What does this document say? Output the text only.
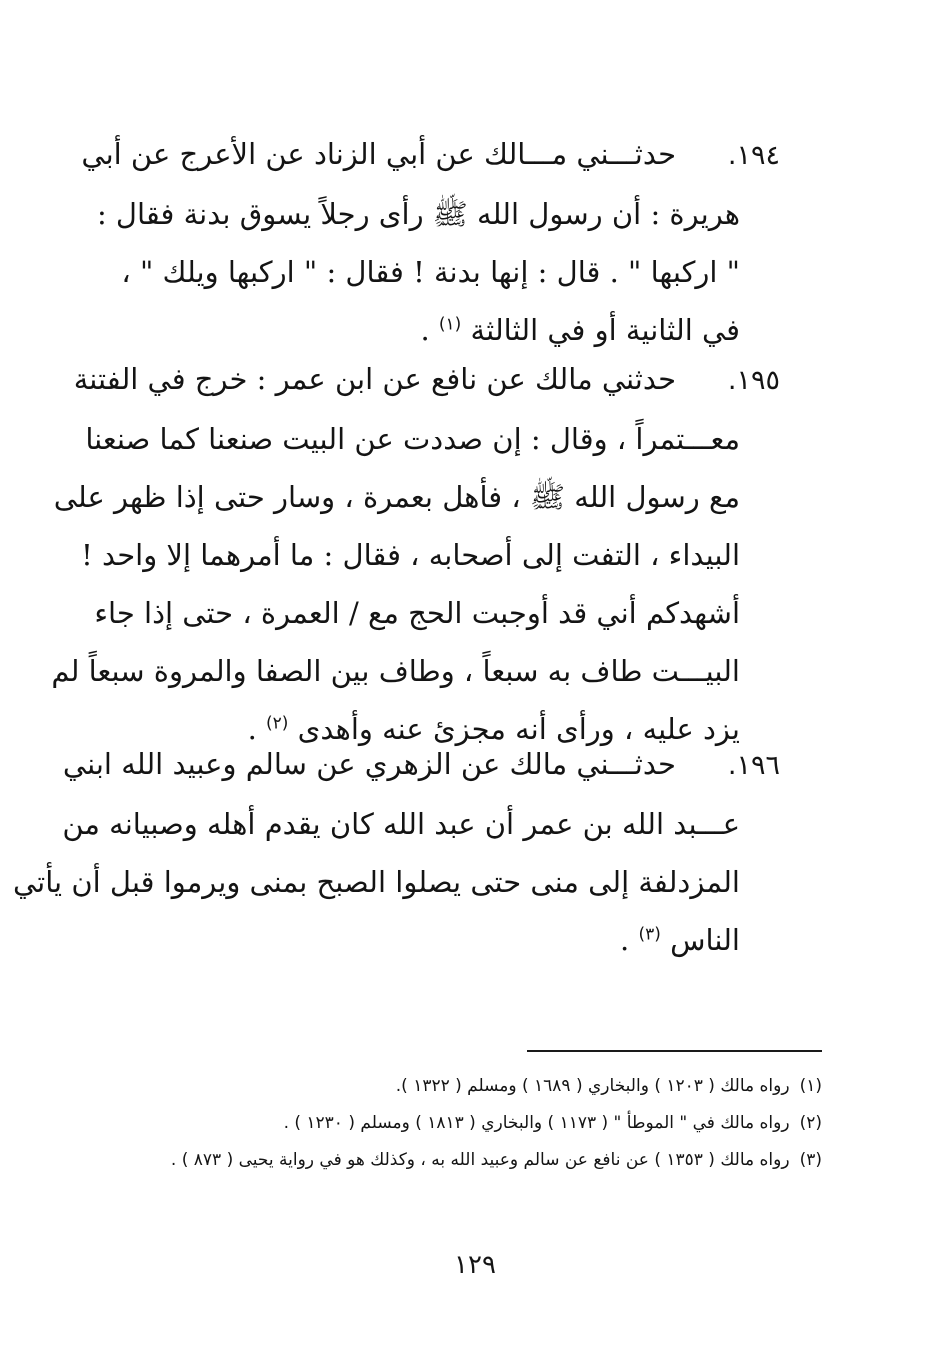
١٩٤.حدثـــني مـــالك عن أبي الزناد عن الأعرج عن أبي
هريرة : أن رسول الله ﷺ رأى رجلاً يسوق بدنة فقال :
" اركبها " . قال : إنها بدنة ! فقال : " اركبها ويلك " ،
في الثانية أو في الثالثة $^{(١)}$ .
١٩٥.حدثني مالك عن نافع عن ابن عمر : خرج في الفتنة
معـــتمراً ، وقال : إن صددت عن البيت صنعنا كما صنعنا
مع رسول الله ﷺ ، فأهل بعمرة ، وسار حتى إذا ظهر على
البيداء ، التفت إلى أصحابه ، فقال : ما أمرهما إلا واحد !
أشهدكم أني قد أوجبت الحج مع / العمرة ، حتى إذا جاء
البيـــت طاف به سبعاً ، وطاف بين الصفا والمروة سبعاً لم
يزد عليه ، ورأى أنه مجزئ عنه وأهدى $^{(٢)}$ .
١٩٦.حدثـــني مالك عن الزهري عن سالم وعبيد الله ابني
عـــبد الله بن عمر أن عبد الله كان يقدم أهله وصبيانه من
المزدلفة إلى منى حتى يصلوا الصبح بمنى ويرموا قبل أن يأتي
الناس $^{(٣)}$ .
(١)رواه مالك ( ١٢٠٣ ) والبخاري ( ١٦٨٩ ) ومسلم ( ١٣٢٢ ).
(٢)رواه مالك في " الموطأ " ( ١١٧٣ ) والبخاري ( ١٨١٣ ) ومسلم ( ١٢٣٠ ) .
(٣)رواه مالك ( ١٣٥٣ ) عن نافع عن سالم وعبيد الله به ، وكذلك هو في رواية يحيى ( ٨٧٣ ) .
١٢٩
